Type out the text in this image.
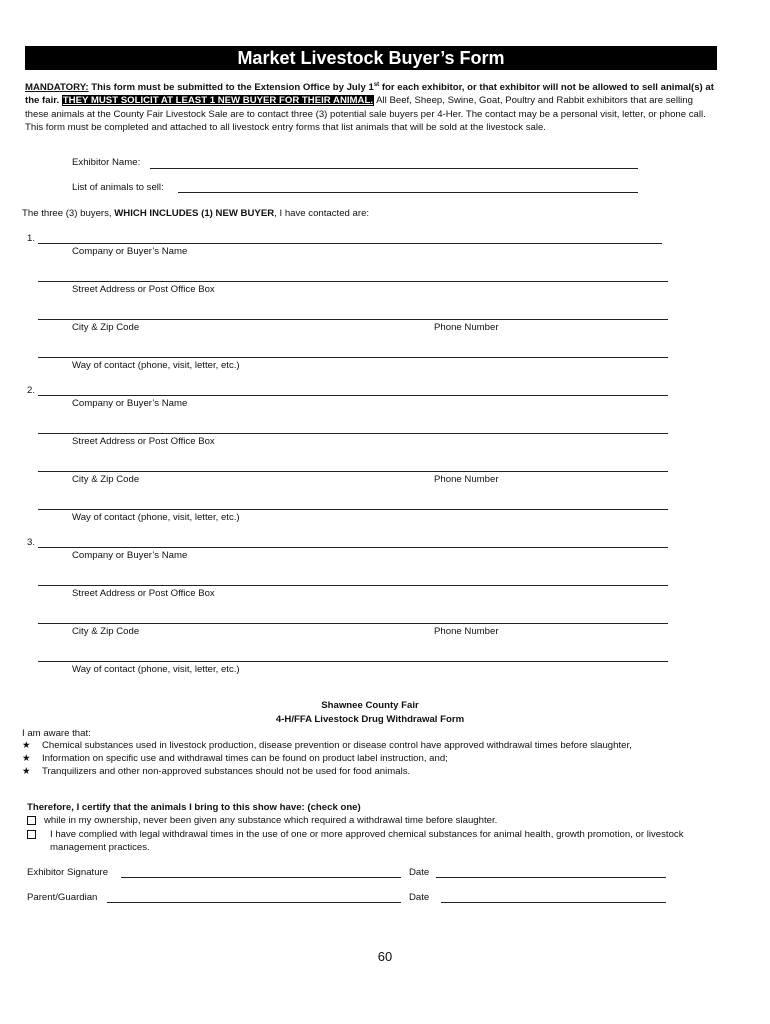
Market Livestock Buyer’s Form
MANDATORY: This form must be submitted to the Extension Office by July 1st for each exhibitor, or that exhibitor will not be allowed to sell animal(s) at the fair. THEY MUST SOLICIT AT LEAST 1 NEW BUYER FOR THEIR ANIMAL. All Beef, Sheep, Swine, Goat, Poultry and Rabbit exhibitors that are selling these animals at the County Fair Livestock Sale are to contact three (3) potential sale buyers per 4-Her. The contact may be a personal visit, letter, or phone call. This form must be completed and attached to all livestock entry forms that list animals that will be sold at the livestock sale.
Exhibitor Name:
List of animals to sell:
The three (3) buyers, WHICH INCLUDES (1) NEW BUYER, I have contacted are:
1.
Company or Buyer’s Name
Street Address or Post Office Box
City & Zip Code	Phone Number
Way of contact (phone, visit, letter, etc.)
2.
Company or Buyer’s Name
Street Address or Post Office Box
City & Zip Code	Phone Number
Way of contact (phone, visit, letter, etc.)
3.
Company or Buyer’s Name
Street Address or Post Office Box
City & Zip Code	Phone Number
Way of contact (phone, visit, letter, etc.)
Shawnee County Fair
4-H/FFA Livestock Drug Withdrawal Form
I am aware that:
★ Chemical substances used in livestock production, disease prevention or disease control have approved withdrawal times before slaughter,
★ Information on specific use and withdrawal times can be found on product label instruction, and;
★ Tranquilizers and other non-approved substances should not be used for food animals.
Therefore, I certify that the animals I bring to this show have: (check one)
while in my ownership, never been given any substance which required a withdrawal time before slaughter.
I have complied with legal withdrawal times in the use of one or more approved chemical substances for animal health, growth promotion, or livestock management practices.
Exhibitor Signature	Date
Parent/Guardian	Date
60
